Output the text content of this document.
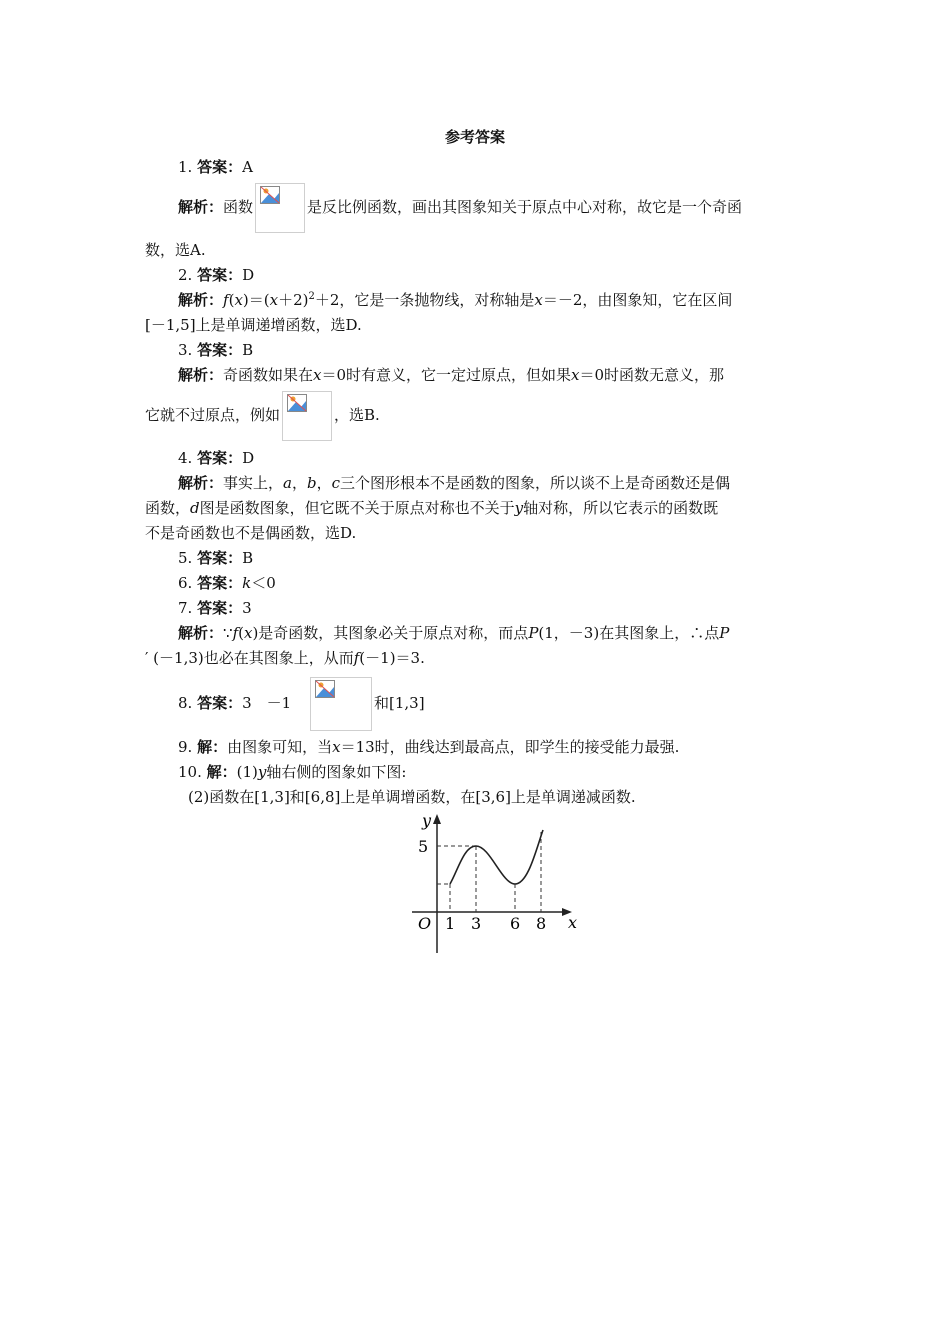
参考答案
1. 答案：A
解析：函数	是反比例函数，画出其图象知关于原点中心对称，故它是一个奇函
数，选A.
2. 答案：D
解析：$f(x)=(x+2)^2+2$，它是一条抛物线，对称轴是x＝－2，由图象知，它在区间
[－1,5]上是单调递增函数，选D.
3. 答案：B
解析：奇函数如果在x＝0时有意义，它一定过原点，但如果x＝0时函数无意义，那
它就不过原点，例如	，选B.
4. 答案：D
解析：事实上，a，b，c三个图形根本不是函数的图象，所以谈不上是奇函数还是偶
函数，d图是函数图象，但它既不关于原点对称也不关于y轴对称，所以它表示的函数既
不是奇函数也不是偶函数，选D.
5. 答案：B
6. 答案：k＜0
7. 答案：3
解析：∵f(x)是奇函数，其图象必关于原点对称，而点P(1，－3)在其图象上，∴点P
′ (－1,3)也必在其图象上，从而f(－1)＝3.
8. 答案：3　－1	和[1,3]
9. 解：由图象可知，当x＝13时，曲线达到最高点，即学生的接受能力最强.
10. 解：(1)y轴右侧的图象如下图:
(2)函数在[1,3]和[6,8]上是单调增函数，在[3,6]上是单调递减函数.
y
x
O
5
1 3 6 8
